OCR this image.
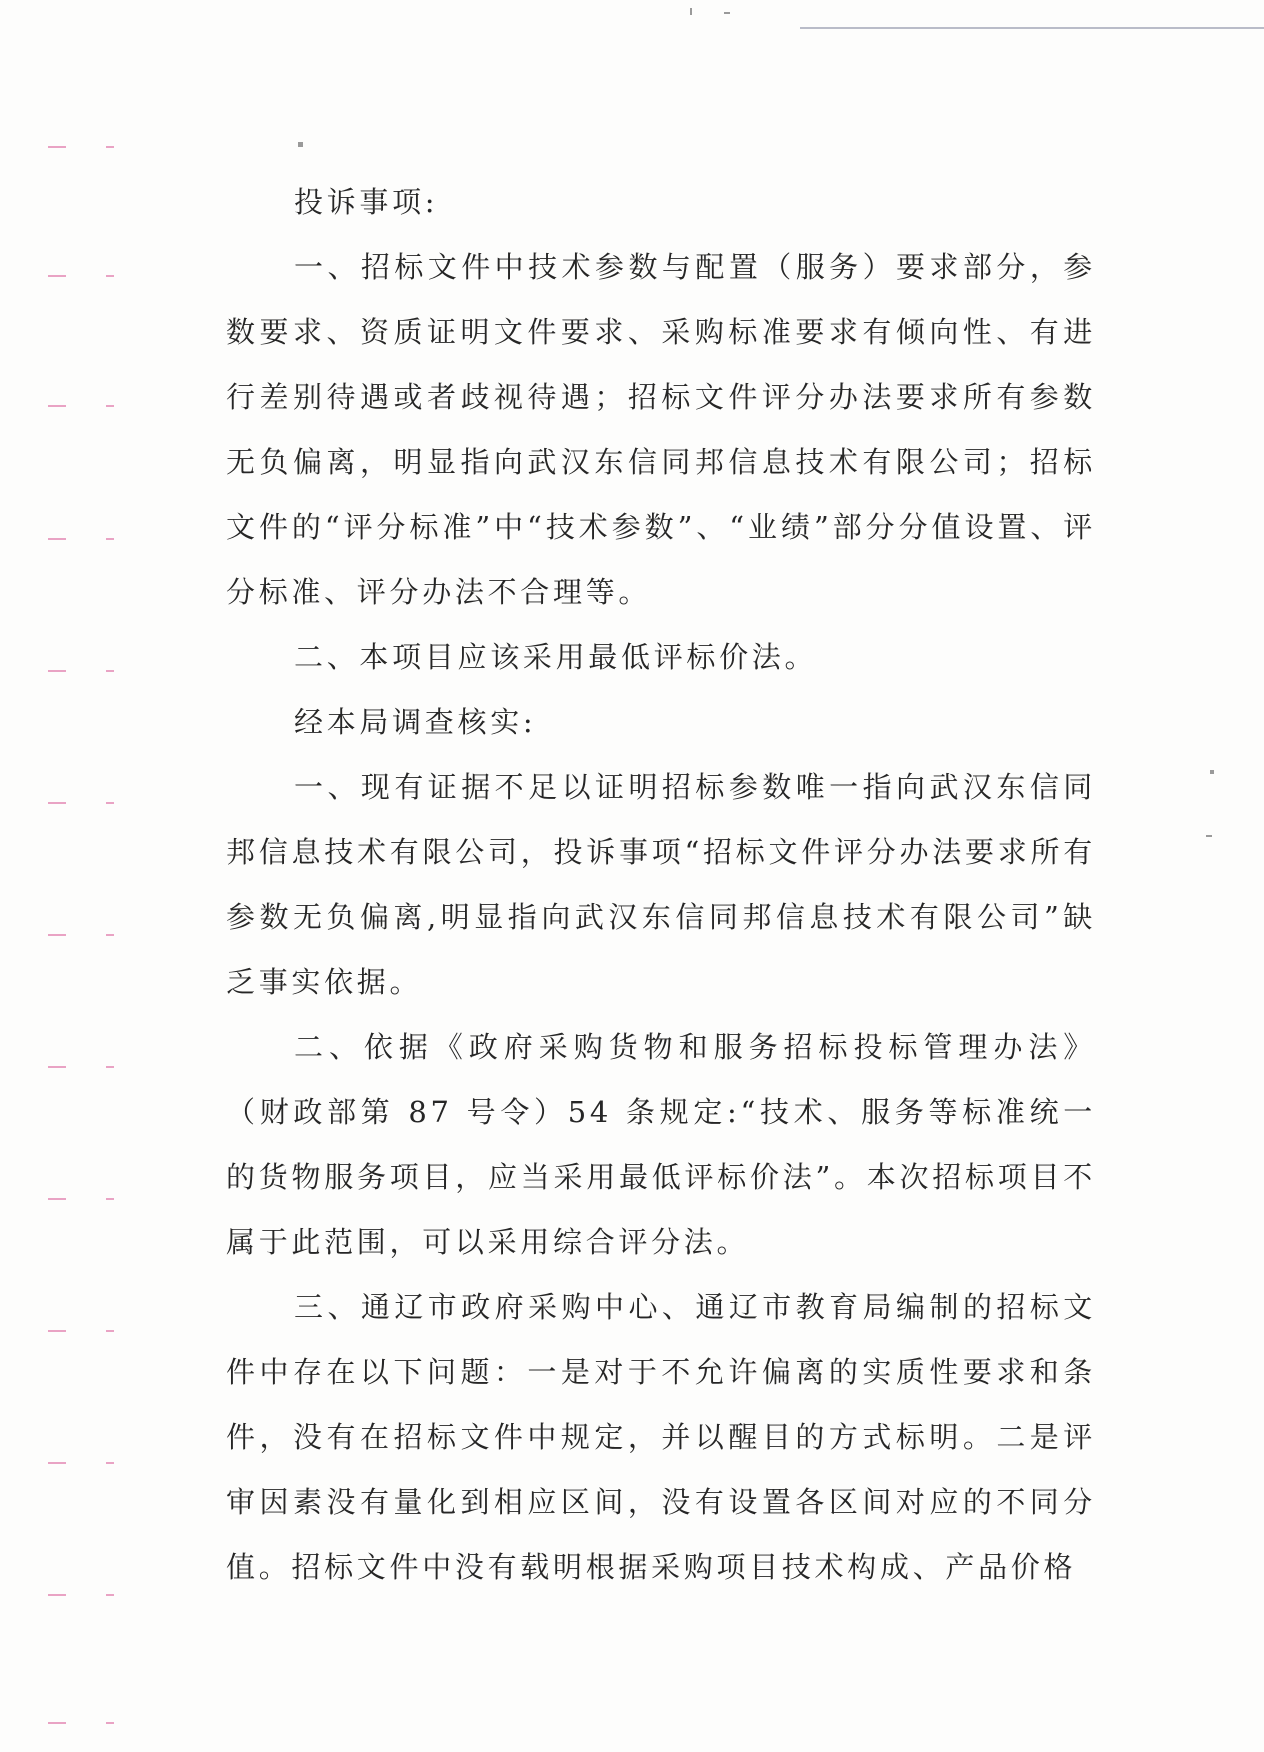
投诉事项:

一、招标文件中技术参数与配置（服务）要求部分，参数要求、资质证明文件要求、采购标准要求有倾向性、有进行差别待遇或者歧视待遇；招标文件评分办法要求所有参数无负偏离，明显指向武汉东信同邦信息技术有限公司；招标文件的“评分标准”中“技术参数”、“业绩”部分分值设置、评分标准、评分办法不合理等。

二、本项目应该采用最低评标价法。

经本局调查核实:

一、现有证据不足以证明招标参数唯一指向武汉东信同邦信息技术有限公司，投诉事项“招标文件评分办法要求所有参数无负偏离,明显指向武汉东信同邦信息技术有限公司”缺乏事实依据。

二、依据《政府采购货物和服务招标投标管理办法》（财政部第 87 号令）54 条规定:“技术、服务等标准统一的货物服务项目，应当采用最低评标价法”。本次招标项目不属于此范围，可以采用综合评分法。

三、通辽市政府采购中心、通辽市教育局编制的招标文件中存在以下问题：一是对于不允许偏离的实质性要求和条件，没有在招标文件中规定，并以醒目的方式标明。二是评审因素没有量化到相应区间，没有设置各区间对应的不同分值。招标文件中没有载明根据采购项目技术构成、产品价格
